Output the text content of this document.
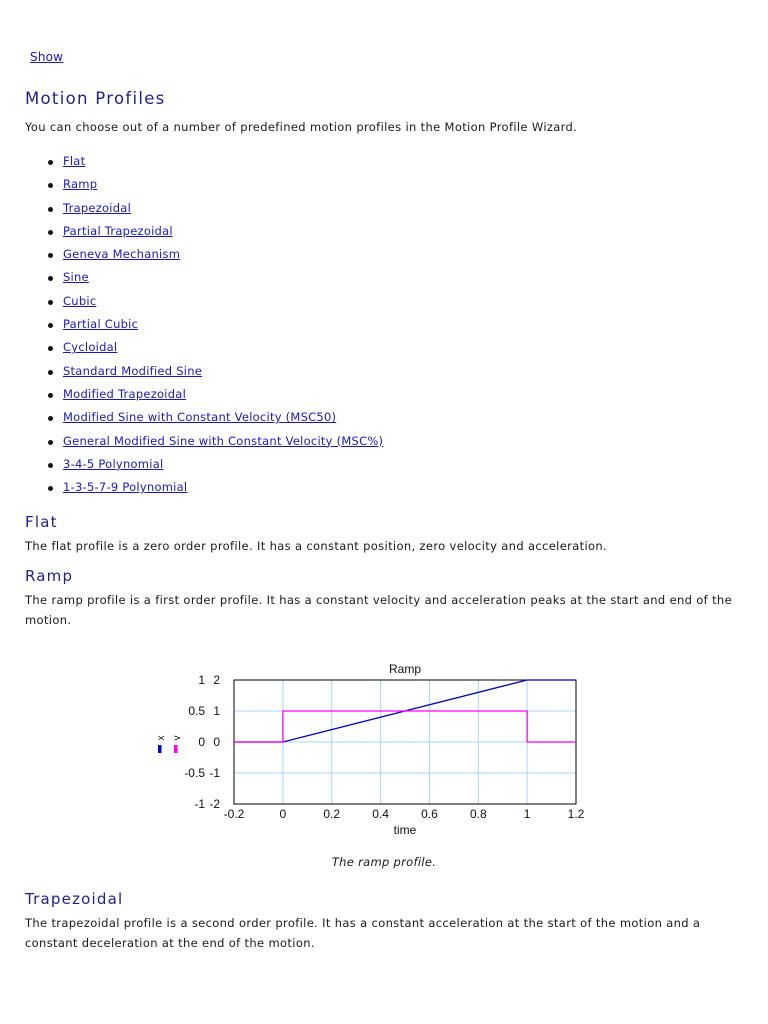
Show
Motion Profiles

You can choose out of a number of predefined motion profiles in the Motion Profile Wizard.

Flat
Ramp
Trapezoidal
Partial Trapezoidal
Geneva Mechanism
Sine
Cubic
Partial Cubic
Cycloidal
Standard Modified Sine
Modified Trapezoidal
Modified Sine with Constant Velocity (MSC50)
General Modified Sine with Constant Velocity (MSC%)
3-4-5 Polynomial
1-3-5-7-9 Polynomial
Flat

The flat profile is a zero order profile. It has a constant position, zero velocity and acceleration.

Ramp

The ramp profile is a first order profile. It has a constant velocity and acceleration peaks at the start and end of the motion.

-0.2	0	0.2	0.4	0.6	0.8	1	1.2
1 2
0.5 1
0 0
-0.5 -1
-1 -2
x v
Ramp
time
The ramp profile.
Trapezoidal

The trapezoidal profile is a second order profile. It has a constant acceleration at the start of the motion and a constant deceleration at the end of the motion.
